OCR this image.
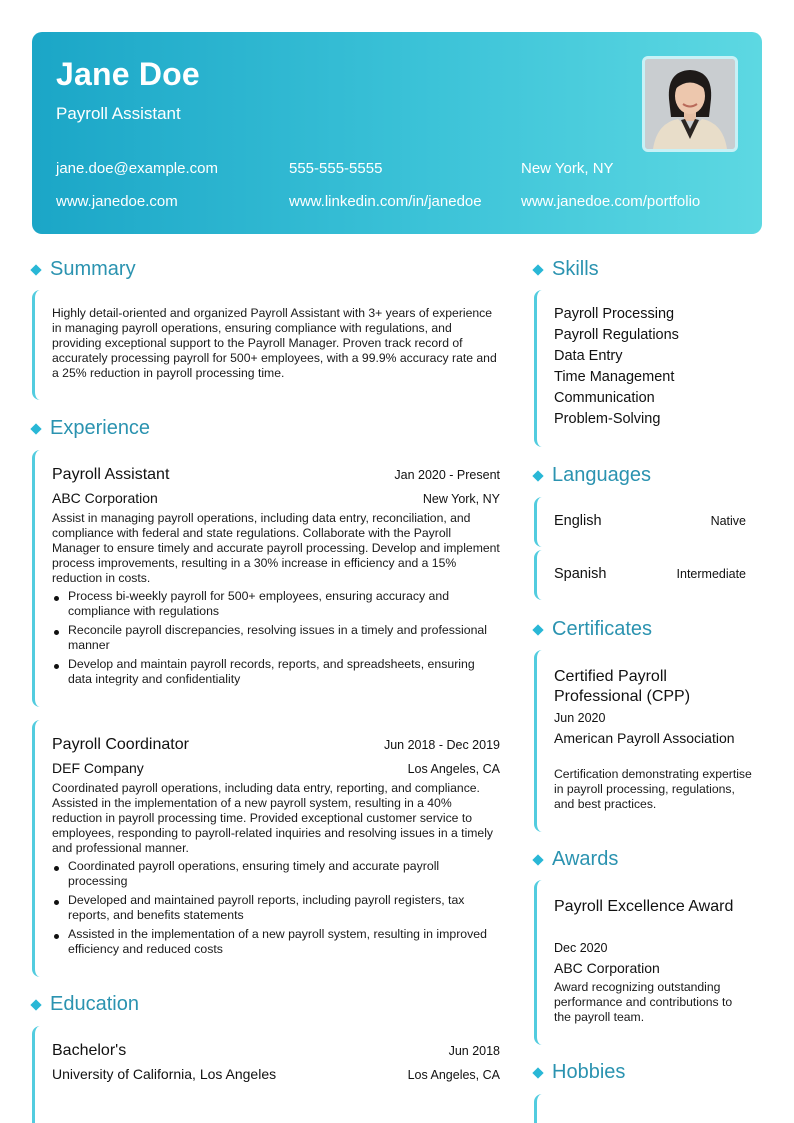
Jane Doe
Payroll Assistant
jane.doe@example.com	555-555-5555	New York, NY
www.janedoe.com	www.linkedin.com/in/janedoe	www.janedoe.com/portfolio
Summary
Highly detail-oriented and organized Payroll Assistant with 3+ years of experience in managing payroll operations, ensuring compliance with regulations, and providing exceptional support to the Payroll Manager. Proven track record of accurately processing payroll for 500+ employees, with a 99.9% accuracy rate and a 25% reduction in payroll processing time.
Experience
Payroll Assistant	Jan 2020 - Present
ABC Corporation	New York, NY
Assist in managing payroll operations, including data entry, reconciliation, and compliance with federal and state regulations. Collaborate with the Payroll Manager to ensure timely and accurate payroll processing. Develop and implement process improvements, resulting in a 30% increase in efficiency and a 15% reduction in costs.
Process bi-weekly payroll for 500+ employees, ensuring accuracy and compliance with regulations
Reconcile payroll discrepancies, resolving issues in a timely and professional manner
Develop and maintain payroll records, reports, and spreadsheets, ensuring data integrity and confidentiality
Payroll Coordinator	Jun 2018 - Dec 2019
DEF Company	Los Angeles, CA
Coordinated payroll operations, including data entry, reporting, and compliance. Assisted in the implementation of a new payroll system, resulting in a 40% reduction in payroll processing time. Provided exceptional customer service to employees, responding to payroll-related inquiries and resolving issues in a timely and professional manner.
Coordinated payroll operations, ensuring timely and accurate payroll processing
Developed and maintained payroll reports, including payroll registers, tax reports, and benefits statements
Assisted in the implementation of a new payroll system, resulting in improved efficiency and reduced costs
Education
Bachelor's	Jun 2018
University of California, Los Angeles	Los Angeles, CA
Skills
Payroll Processing
Payroll Regulations
Data Entry
Time Management
Communication
Problem-Solving
Languages
English	Native
Spanish	Intermediate
Certificates
Certified Payroll Professional (CPP)
Jun 2020
American Payroll Association
Certification demonstrating expertise in payroll processing, regulations, and best practices.
Awards
Payroll Excellence Award
Dec 2020
ABC Corporation
Award recognizing outstanding performance and contributions to the payroll team.
Hobbies
